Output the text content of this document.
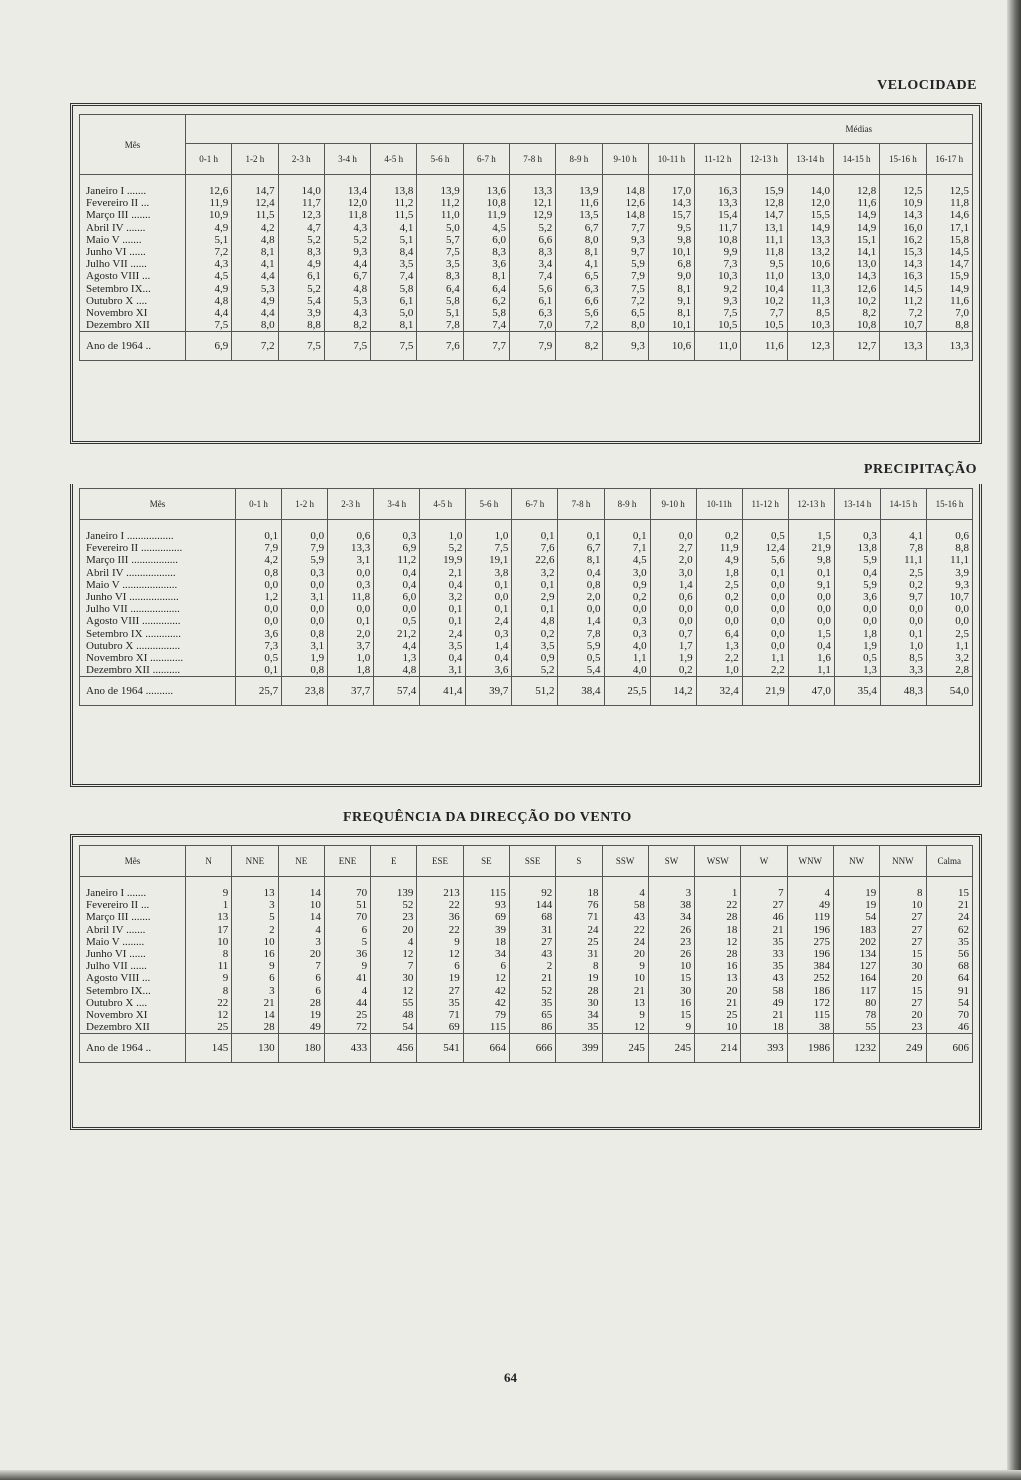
VELOCIDADE
Mês	Médias																
	0-1 h	1-2 h	2-3 h	3-4 h	4-5 h	5-6 h	6-7 h	7-8 h	8-9 h	9-10 h	10-11 h	11-12 h	12-13 h	13-14 h	14-15 h	15-16 h	16-17 h

Janeiro I .......	12,6	14,7	14,0	13,4	13,8	13,9	13,6	13,3	13,9	14,8	17,0	16,3	15,9	14,0	12,8	12,5	12,5
Fevereiro II ...	11,9	12,4	11,7	12,0	11,2	11,2	10,8	12,1	11,6	12,6	14,3	13,3	12,8	12,0	11,6	10,9	11,8
Março III .......	10,9	11,5	12,3	11,8	11,5	11,0	11,9	12,9	13,5	14,8	15,7	15,4	14,7	15,5	14,9	14,3	14,6
Abril IV .......	4,9	4,2	4,7	4,3	4,1	5,0	4,5	5,2	6,7	7,7	9,5	11,7	13,1	14,9	14,9	16,0	17,1
Maio V .......	5,1	4,8	5,2	5,2	5,1	5,7	6,0	6,6	8,0	9,3	9,8	10,8	11,1	13,3	15,1	16,2	15,8
Junho VI ......	7,2	8,1	8,3	9,3	8,4	7,5	8,3	8,3	8,1	9,7	10,1	9,9	11,8	13,2	14,1	15,3	14,5
Julho VII ......	4,3	4,1	4,9	4,4	3,5	3,5	3,6	3,4	4,1	5,9	6,8	7,3	9,5	10,6	13,0	14,3	14,7
Agosto VIII ...	4,5	4,4	6,1	6,7	7,4	8,3	8,1	7,4	6,5	7,9	9,0	10,3	11,0	13,0	14,3	16,3	15,9
Setembro IX...	4,9	5,3	5,2	4,8	5,8	6,4	6,4	5,6	6,3	7,5	8,1	9,2	10,4	11,3	12,6	14,5	14,9
Outubro X ....	4,8	4,9	5,4	5,3	6,1	5,8	6,2	6,1	6,6	7,2	9,1	9,3	10,2	11,3	10,2	11,2	11,6
Novembro XI	4,4	4,4	3,9	4,3	5,0	5,1	5,8	6,3	5,6	6,5	8,1	7,5	7,7	8,5	8,2	7,2	7,0
Dezembro XII	7,5	8,0	8,8	8,2	8,1	7,8	7,4	7,0	7,2	8,0	10,1	10,5	10,5	10,3	10,8	10,7	8,8
Ano de 1964 ..	6,9	7,2	7,5	7,5	7,5	7,6	7,7	7,9	8,2	9,3	10,6	11,0	11,6	12,3	12,7	13,3	13,3
PRECIPITAÇÃO
Mês	0-1 h	1-2 h	2-3 h	3-4 h	4-5 h	5-6 h	6-7 h	7-8 h	8-9 h	9-10 h	10-11h	11-12 h	12-13 h	13-14 h	14-15 h	15-16 h

Janeiro I .................	0,1	0,0	0,6	0,3	1,0	1,0	0,1	0,1	0,1	0,0	0,2	0,5	1,5	0,3	4,1	0,6
Fevereiro II ...............	7,9	7,9	13,3	6,9	5,2	7,5	7,6	6,7	7,1	2,7	11,9	12,4	21,9	13,8	7,8	8,8
Março III .................	4,2	5,9	3,1	11,2	19,9	19,1	22,6	8,1	4,5	2,0	4,9	5,6	9,8	5,9	11,1	11,1
Abril IV ..................	0,8	0,3	0,0	0,4	2,1	3,8	3,2	0,4	3,0	3,0	1,8	0,1	0,1	0,4	2,5	3,9
Maio V ....................	0,0	0,0	0,3	0,4	0,4	0,1	0,1	0,8	0,9	1,4	2,5	0,0	9,1	5,9	0,2	9,3
Junho VI ..................	1,2	3,1	11,8	6,0	3,2	0,0	2,9	2,0	0,2	0,6	0,2	0,0	0,0	3,6	9,7	10,7
Julho VII ..................	0,0	0,0	0,0	0,0	0,1	0,1	0,1	0,0	0,0	0,0	0,0	0,0	0,0	0,0	0,0	0,0
Agosto VIII ..............	0,0	0,0	0,1	0,5	0,1	2,4	4,8	1,4	0,3	0,0	0,0	0,0	0,0	0,0	0,0	0,0
Setembro IX .............	3,6	0,8	2,0	21,2	2,4	0,3	0,2	7,8	0,3	0,7	6,4	0,0	1,5	1,8	0,1	2,5
Outubro X ................	7,3	3,1	3,7	4,4	3,5	1,4	3,5	5,9	4,0	1,7	1,3	0,0	0,4	1,9	1,0	1,1
Novembro XI ............	0,5	1,9	1,0	1,3	0,4	0,4	0,9	0,5	1,1	1,9	2,2	1,1	1,6	0,5	8,5	3,2
Dezembro XII ..........	0,1	0,8	1,8	4,8	3,1	3,6	5,2	5,4	4,0	0,2	1,0	2,2	1,1	1,3	3,3	2,8
Ano de 1964 ..........	25,7	23,8	37,7	57,4	41,4	39,7	51,2	38,4	25,5	14,2	32,4	21,9	47,0	35,4	48,3	54,0
FREQUÊNCIA DA DIRECÇÃO DO VENTO
Mês	N	NNE	NE	ENE	E	ESE	SE	SSE	S	SSW	SW	WSW	W	WNW	NW	NNW	Calma

Janeiro I .......	9	13	14	70	139	213	115	92	18	4	3	1	7	4	19	8	15
Fevereiro II ...	1	3	10	51	52	22	93	144	76	58	38	22	27	49	19	10	21
Março III .......	13	5	14	70	23	36	69	68	71	43	34	28	46	119	54	27	24
Abril IV .......	17	2	4	6	20	22	39	31	24	22	26	18	21	196	183	27	62
Maio V ........	10	10	3	5	4	9	18	27	25	24	23	12	35	275	202	27	35
Junho VI ......	8	16	20	36	12	12	34	43	31	20	26	28	33	196	134	15	56
Julho VII ......	11	9	7	9	7	6	6	2	8	9	10	16	35	384	127	30	68
Agosto VIII ...	9	6	6	41	30	19	12	21	19	10	15	13	43	252	164	20	64
Setembro IX...	8	3	6	4	12	27	42	52	28	21	30	20	58	186	117	15	91
Outubro X ....	22	21	28	44	55	35	42	35	30	13	16	21	49	172	80	27	54
Novembro XI	12	14	19	25	48	71	79	65	34	9	15	25	21	115	78	20	70
Dezembro XII	25	28	49	72	54	69	115	86	35	12	9	10	18	38	55	23	46
Ano de 1964 ..	145	130	180	433	456	541	664	666	399	245	245	214	393	1986	1232	249	606
64
